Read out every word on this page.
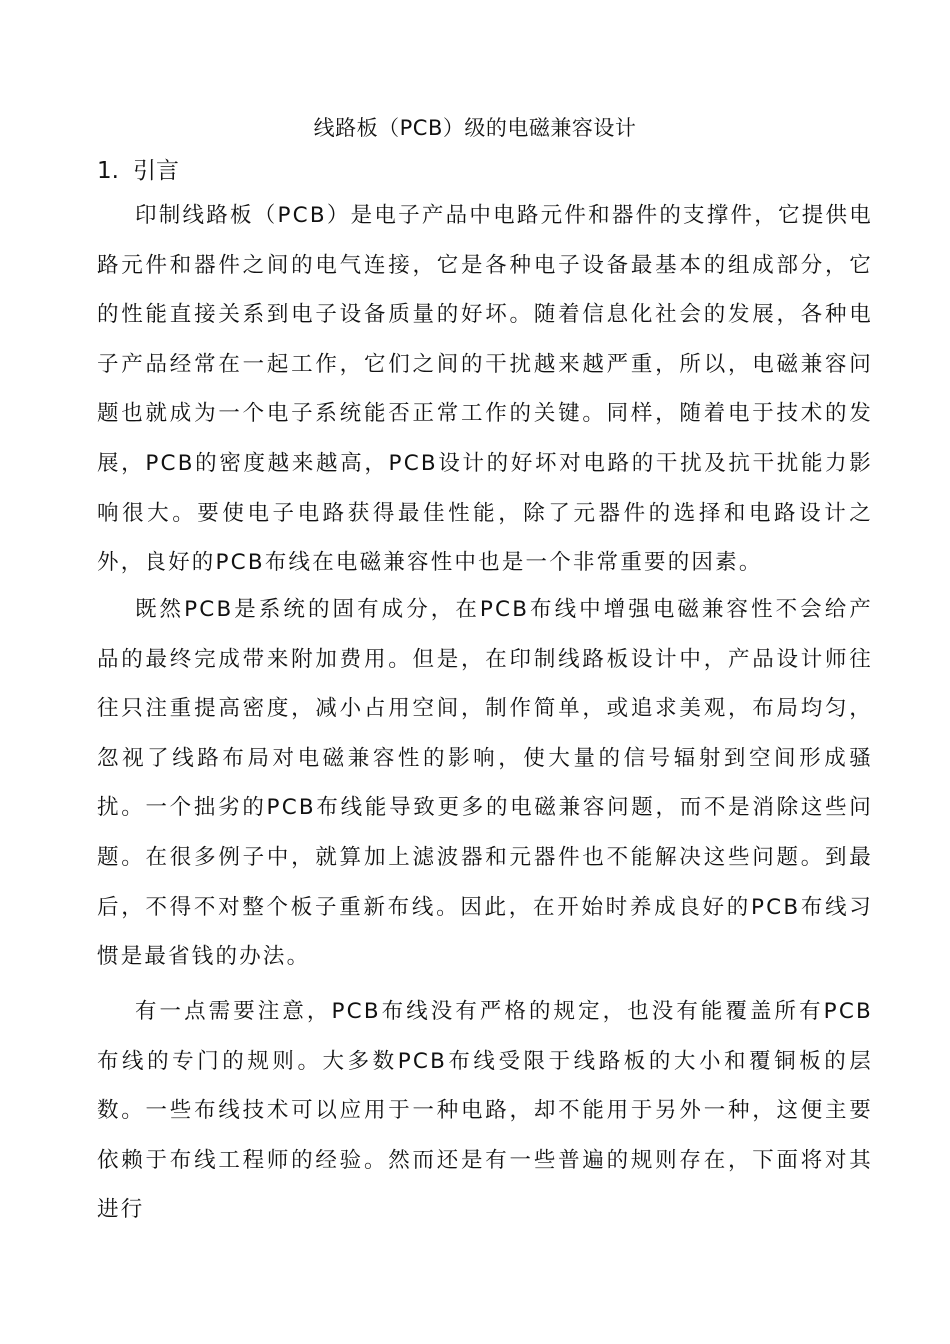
线路板（PCB）级的电磁兼容设计
1. 引言

印制线路板（PCB）是电子产品中电路元件和器件的支撑件，它提供电路元件和器件之间的电气连接，它是各种电子设备最基本的组成部分，它的性能直接关系到电子设备质量的好坏。随着信息化社会的发展，各种电子产品经常在一起工作，它们之间的干扰越来越严重，所以，电磁兼容问题也就成为一个电子系统能否正常工作的关键。同样，随着电于技术的发展，PCB的密度越来越高，PCB设计的好坏对电路的干扰及抗干扰能力影响很大。要使电子电路获得最佳性能，除了元器件的选择和电路设计之外，良好的PCB布线在电磁兼容性中也是一个非常重要的因素。

既然PCB是系统的固有成分，在PCB布线中增强电磁兼容性不会给产品的最终完成带来附加费用。但是，在印制线路板设计中，产品设计师往往只注重提高密度，减小占用空间，制作简单，或追求美观，布局均匀，忽视了线路布局对电磁兼容性的影响，使大量的信号辐射到空间形成骚扰。一个拙劣的PCB布线能导致更多的电磁兼容问题，而不是消除这些问题。在很多例子中，就算加上滤波器和元器件也不能解决这些问题。到最后，不得不对整个板子重新布线。因此，在开始时养成良好的PCB布线习惯是最省钱的办法。

有一点需要注意，PCB布线没有严格的规定，也没有能覆盖所有PCB布线的专门的规则。大多数PCB布线受限于线路板的大小和覆铜板的层数。一些布线技术可以应用于一种电路，却不能用于另外一种，这便主要依赖于布线工程师的经验。然而还是有一些普遍的规则存在，下面将对其进行
